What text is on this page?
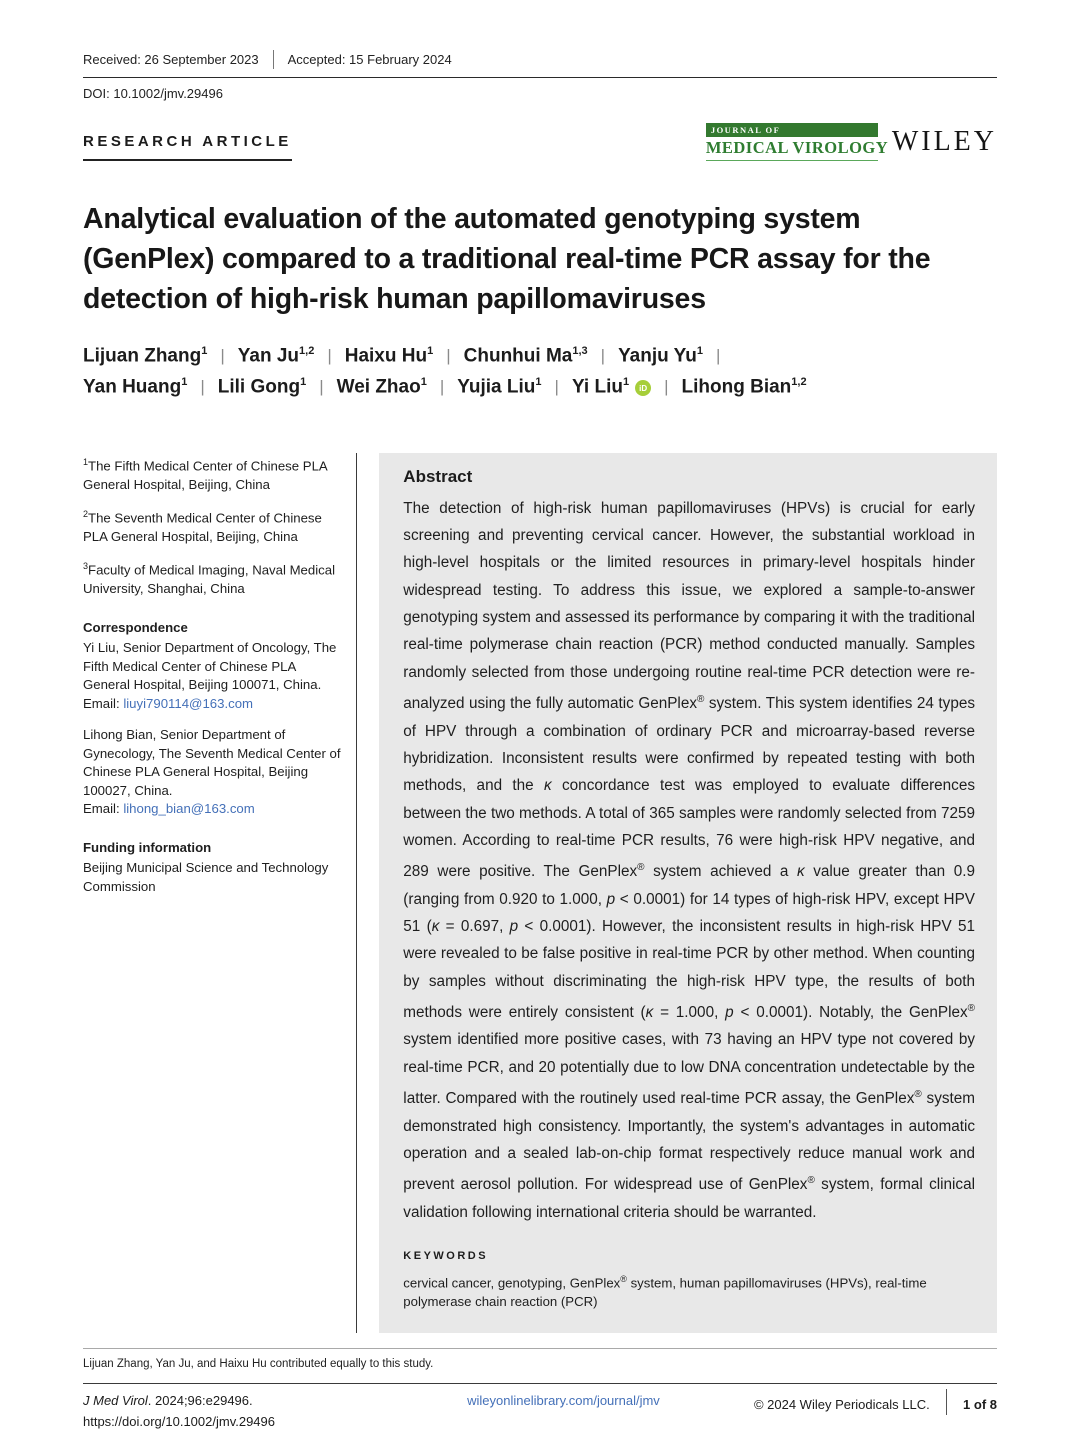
Received: 26 September 2023 Accepted: 15 February 2024
DOI: 10.1002/jmv.29496
RESEARCH ARTICLE
JOURNAL OF
MEDICAL VIROLOGY WILEY
Analytical evaluation of the automated genotyping system (GenPlex) compared to a traditional real-time PCR assay for the detection of high-risk human papillomaviruses
Lijuan Zhang$^1$ | Yan Ju$^{1,2}$ | Haixu Hu$^1$ | Chunhui Ma$^{1,3}$ | Yanju Yu$^1$ |
Yan Huang$^1$ | Lili Gong$^1$ | Wei Zhao$^1$ | Yujia Liu$^1$ | Yi Liu$^1$ iD | Lihong Bian$^{1,2}$

$^1$The Fifth Medical Center of Chinese PLA General Hospital, Beijing, China

$^2$The Seventh Medical Center of Chinese PLA General Hospital, Beijing, China

$^3$Faculty of Medical Imaging, Naval Medical University, Shanghai, China

Correspondence

Yi Liu, Senior Department of Oncology, The Fifth Medical Center of Chinese PLA General Hospital, Beijing 100071, China.
Email: liuyi790114@163.com

Lihong Bian, Senior Department of Gynecology, The Seventh Medical Center of Chinese PLA General Hospital, Beijing 100027, China.
Email: lihong_bian@163.com

Funding information

Beijing Municipal Science and Technology Commission

Abstract

The detection of high-risk human papillomaviruses (HPVs) is crucial for early screening and preventing cervical cancer. However, the substantial workload in high-level hospitals or the limited resources in primary-level hospitals hinder widespread testing. To address this issue, we explored a sample-to-answer genotyping system and assessed its performance by comparing it with the traditional real-time polymerase chain reaction (PCR) method conducted manually. Samples randomly selected from those undergoing routine real-time PCR detection were re-analyzed using the fully automatic GenPlex® system. This system identifies 24 types of HPV through a combination of ordinary PCR and microarray-based reverse hybridization. Inconsistent results were confirmed by repeated testing with both methods, and the κ concordance test was employed to evaluate differences between the two methods. A total of 365 samples were randomly selected from 7259 women. According to real-time PCR results, 76 were high-risk HPV negative, and 289 were positive. The GenPlex® system achieved a κ value greater than 0.9 (ranging from 0.920 to 1.000, p < 0.0001) for 14 types of high-risk HPV, except HPV 51 (κ = 0.697, p < 0.0001). However, the inconsistent results in high-risk HPV 51 were revealed to be false positive in real-time PCR by other method. When counting by samples without discriminating the high-risk HPV type, the results of both methods were entirely consistent (κ = 1.000, p < 0.0001). Notably, the GenPlex® system identified more positive cases, with 73 having an HPV type not covered by real-time PCR, and 20 potentially due to low DNA concentration undetectable by the latter. Compared with the routinely used real-time PCR assay, the GenPlex® system demonstrated high consistency. Importantly, the system's advantages in automatic operation and a sealed lab-on-chip format respectively reduce manual work and prevent aerosol pollution. For widespread use of GenPlex® system, formal clinical validation following international criteria should be warranted.

KEYWORDS

cervical cancer, genotyping, GenPlex® system, human papillomaviruses (HPVs), real-time polymerase chain reaction (PCR)

Lijuan Zhang, Yan Ju, and Haixu Hu contributed equally to this study.

J Med Virol. 2024;96:e29496.
https://doi.org/10.1002/jmv.29496
wileyonlinelibrary.com/journal/jmv	© 2024 Wiley Periodicals LLC.	1 of 8
